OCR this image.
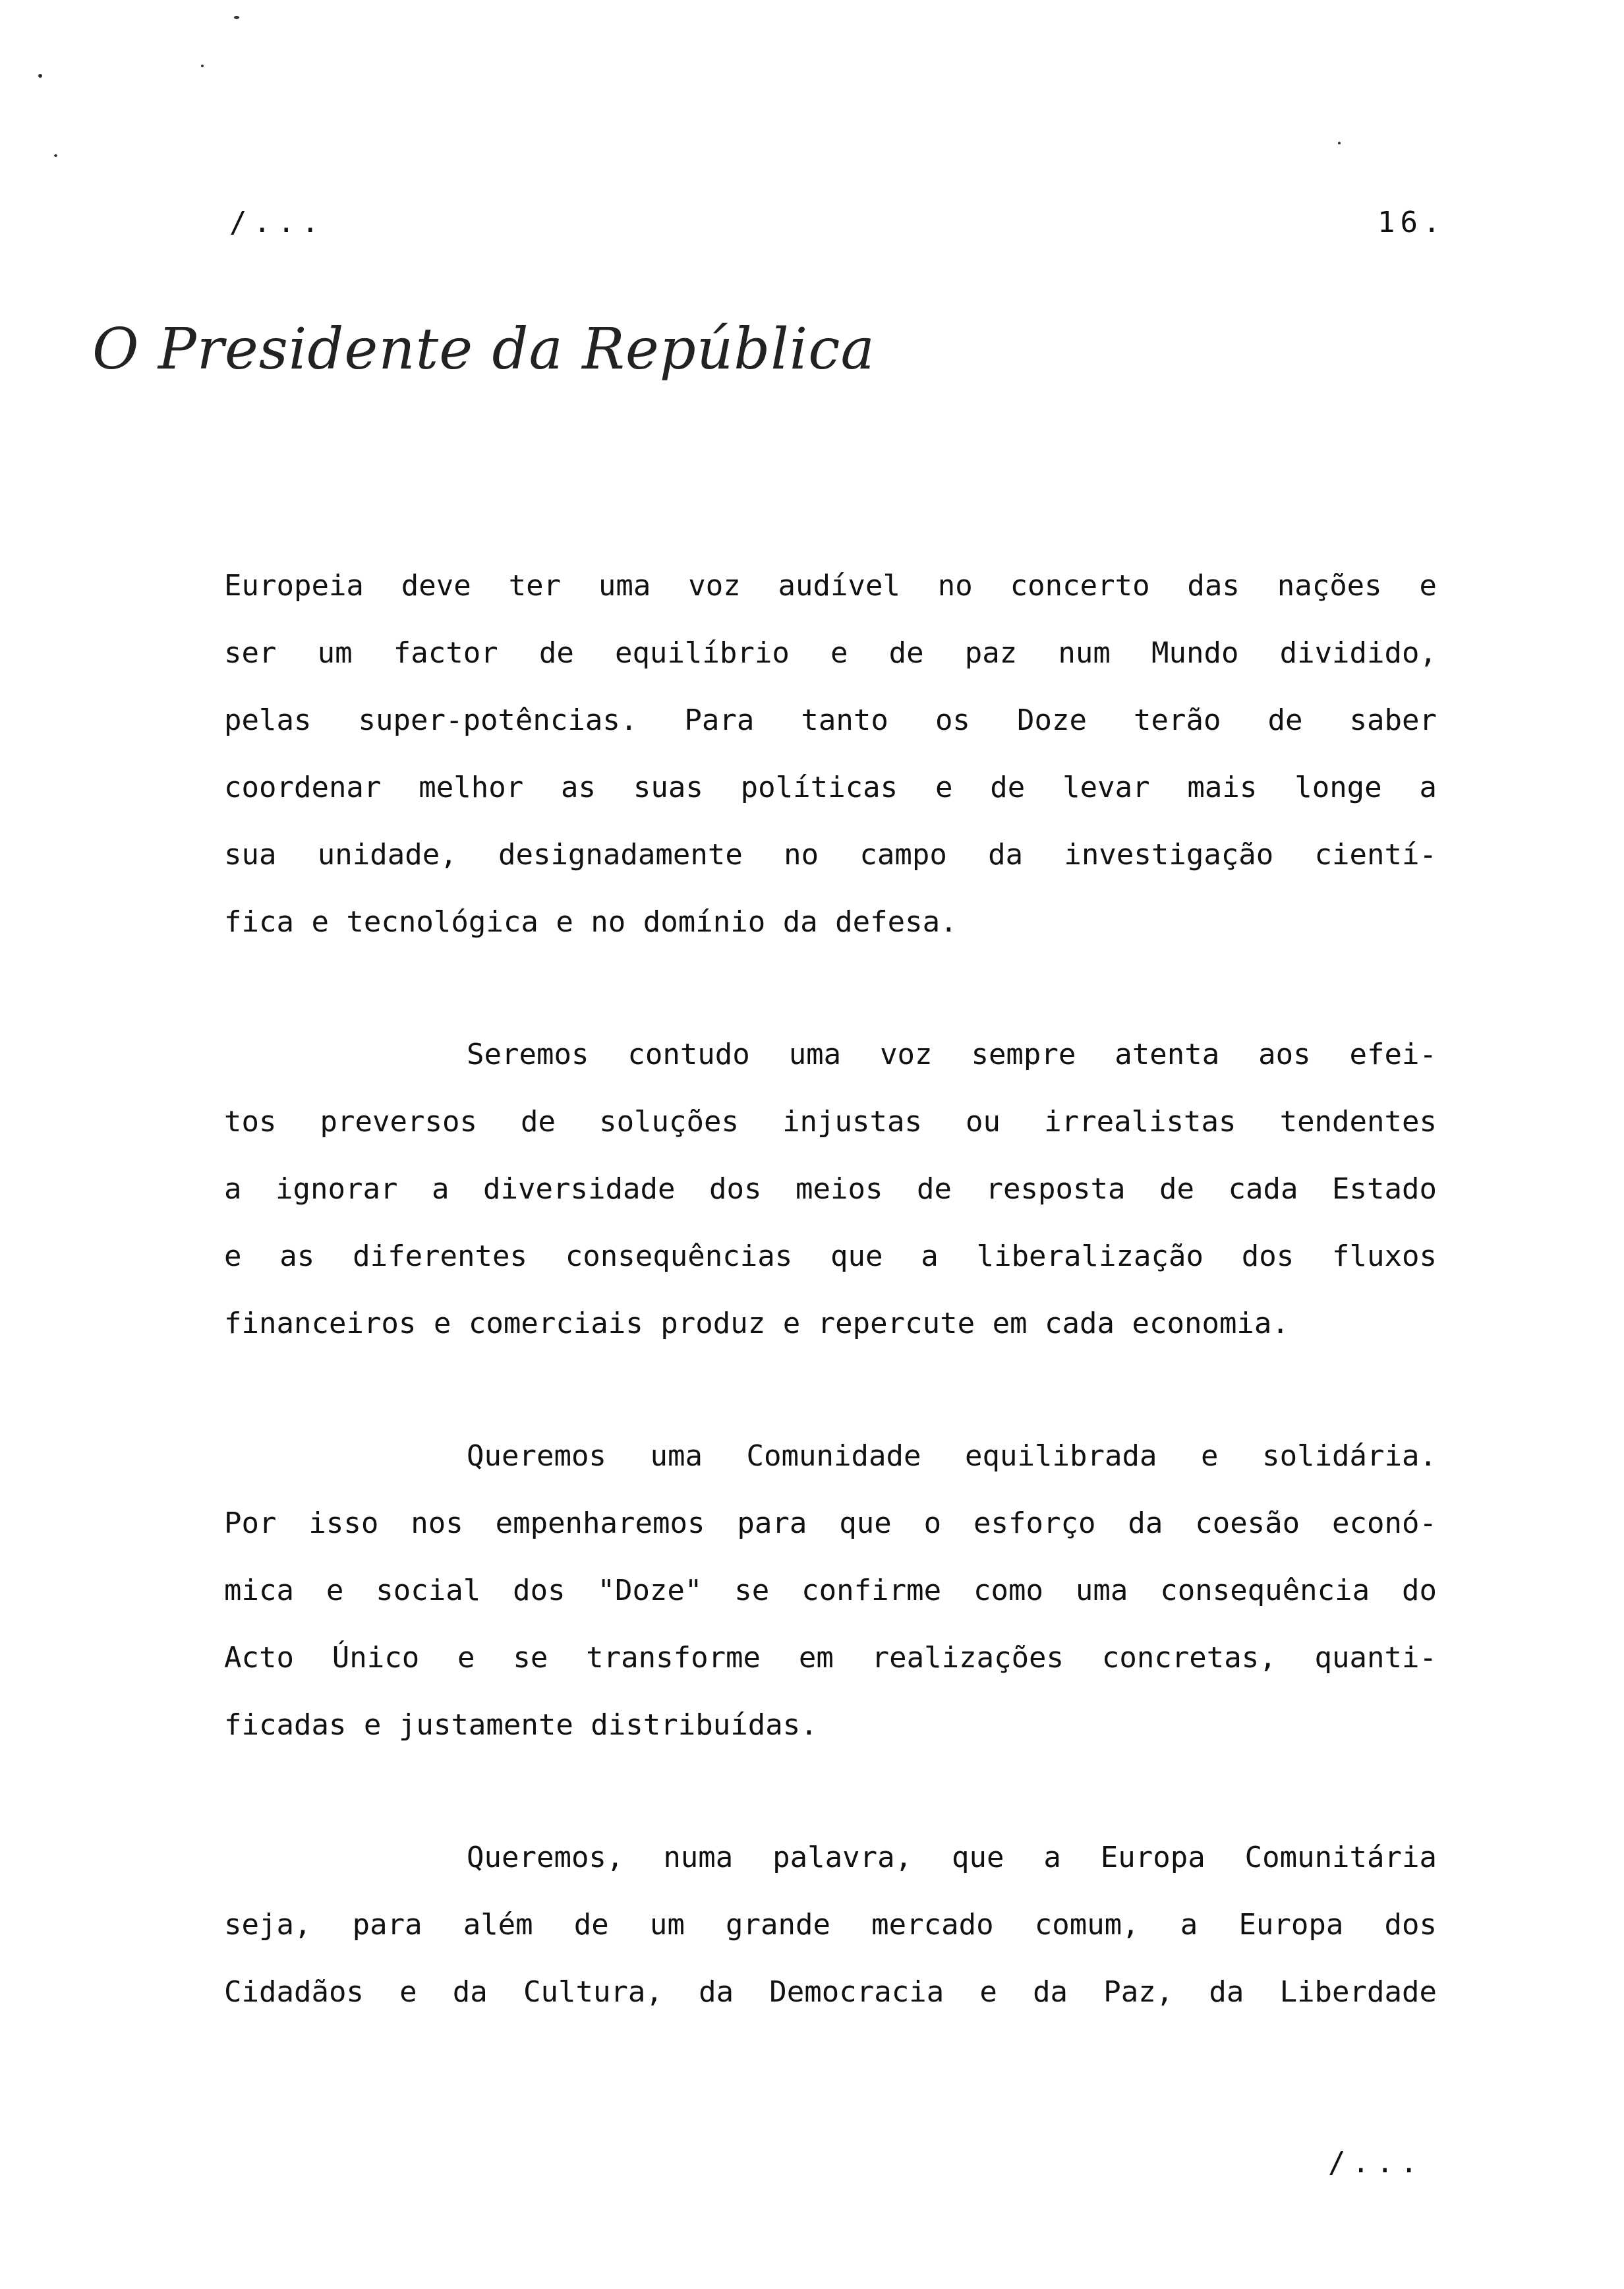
/...	16.
O Presidente da República
Europeia deve ter uma voz audível no concerto das nações e
ser um factor de equilíbrio e de paz num Mundo dividido,
pelas super-potências. Para tanto os Doze terão de saber
coordenar melhor as suas políticas e de levar mais longe a
sua unidade, designadamente no campo da investigação cientí-
fica e tecnológica e no domínio da defesa.
Seremos contudo uma voz sempre atenta aos efei-
tos preversos de soluções injustas ou irrealistas tendentes
a ignorar a diversidade dos meios de resposta de cada Estado
e as diferentes consequências que a liberalização dos fluxos
financeiros e comerciais produz e repercute em cada economia.
Queremos uma Comunidade equilibrada e solidária.
Por isso nos empenharemos para que o esforço da coesão econó-
mica e social dos "Doze" se confirme como uma consequência do
Acto Único e se transforme em realizações concretas, quanti-
ficadas e justamente distribuídas.
Queremos, numa palavra, que a Europa Comunitária
seja, para além de um grande mercado comum, a Europa dos
Cidadãos e da Cultura, da Democracia e da Paz, da Liberdade
/...
